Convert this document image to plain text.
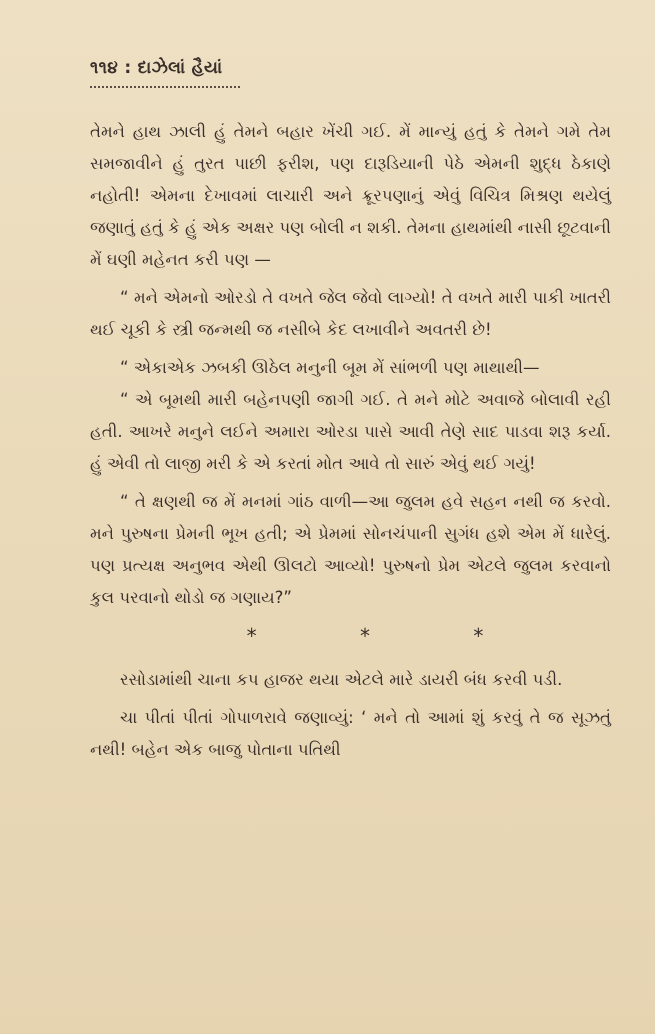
૧૧૪ : દાઝેલાં હૈયાં

તેમને હાથ ઝાલી હું તેમને બહાર ખેંચી ગઈ. મેં માન્યું હતું કે તેમને ગમે તેમ સમજાવીને હું તુરત પાછી ફરીશ, પણ દારૂડિયાની પેઠે એમની શુદ્ધ ઠેકાણે નહોતી! એમના દેખાવમાં લાચારી અને ક્રૂરપણાનું એવું વિચિત્ર મિશ્રણ થયેલું જણાતું હતું કે હું એક અક્ષર પણ બોલી ન શકી. તેમના હાથમાંથી નાસી છૂટવાની મેં ઘણી મહેનત કરી પણ —

“ મને એમનો ઓરડો તે વખતે જેલ જેવો લાગ્યો! તે વખતે મારી પાકી ખાતરી થઈ ચૂકી કે સ્ત્રી જન્મથી જ નસીબે કેદ લખાવીને અવતરી છે!

“ એકાએક ઝબકી ઊઠેલ મનુની બૂમ મેં સાંભળી પણ માથાથી—

“ એ બૂમથી મારી બહેનપણી જાગી ગઈ. તે મને મોટે અવાજે બોલાવી રહી હતી. આખરે મનુને લઈને અમારા ઓરડા પાસે આવી તેણે સાદ પાડવા શરૂ કર્યા. હું એવી તો લાજી મરી કે એ કરતાં મોત આવે તો સારું એવું થઈ ગયું!

“ તે ક્ષણથી જ મેં મનમાં ગાંઠ વાળી—આ જુલમ હવે સહન નથી જ કરવો. મને પુરુષના પ્રેમની ભૂખ હતી; એ પ્રેમમાં સોનચંપાની સુગંધ હશે એમ મેં ધારેલું. પણ પ્રત્યક્ષ અનુભવ એથી ઊલટો આવ્યો! પુરુષનો પ્રેમ એટલે જુલમ કરવાનો કુલ પરવાનો થોડો જ ગણાય?”

*	*	*

રસોડામાંથી ચાના કપ હાજર થયા એટલે મારે ડાયરી બંધ કરવી પડી.

ચા પીતાં પીતાં ગોપાળરાવે જણાવ્યું: ‘ મને તો આમાં શું કરવું તે જ સૂઝતું નથી! બહેન એક બાજુ પોતાના પતિથી
